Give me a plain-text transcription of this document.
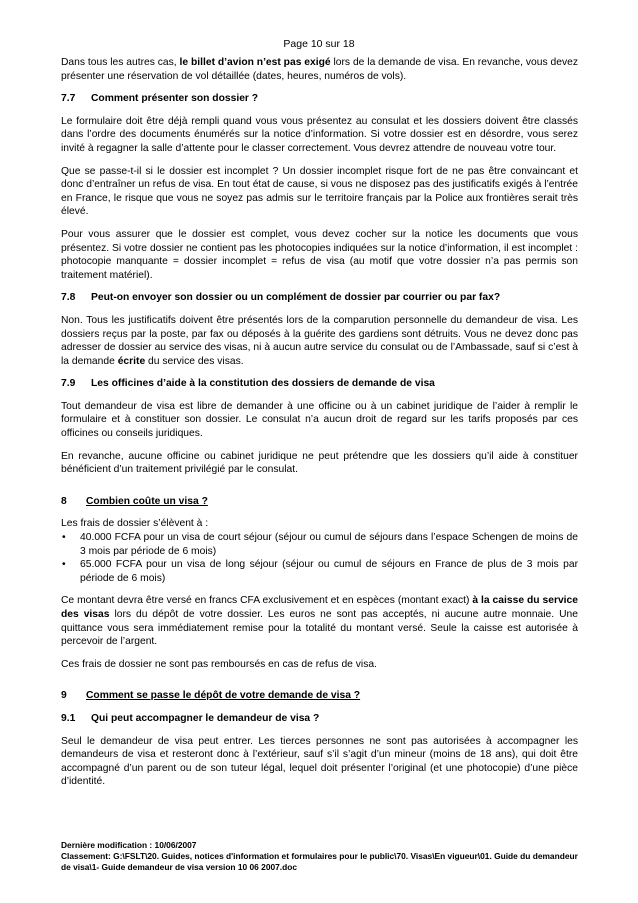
Page 10 sur 18

Dans tous les autres cas, le billet d’avion n’est pas exigé lors de la demande de visa. En revanche, vous devez présenter une réservation de vol détaillée (dates, heures, numéros de vols).

7.7	Comment présenter son dossier ?

Le formulaire doit être déjà rempli quand vous vous présentez au consulat et les dossiers doivent être classés dans l’ordre des documents énumérés sur la notice d’information. Si votre dossier est en désordre, vous serez invité à regagner la salle d’attente pour le classer correctement. Vous devrez attendre de nouveau votre tour.

Que se passe-t-il si le dossier est incomplet ? Un dossier incomplet risque fort de ne pas être convaincant et donc d’entraîner un refus de visa. En tout état de cause, si vous ne disposez pas des justificatifs exigés à l’entrée en France, le risque que vous ne soyez pas admis sur le territoire français par la Police aux frontières serait très élevé.

Pour vous assurer que le dossier est complet, vous devez cocher sur la notice les documents que vous présentez. Si votre dossier ne contient pas les photocopies indiquées sur la notice d’information, il est incomplet : photocopie manquante = dossier incomplet = refus de visa (au motif que votre dossier n’a pas permis son traitement matériel).

7.8	Peut-on envoyer son dossier ou un complément de dossier par courrier ou par fax?

Non. Tous les justificatifs doivent être présentés lors de la comparution personnelle du demandeur de visa. Les dossiers reçus par la poste, par fax ou déposés à la guérite des gardiens sont détruits. Vous ne devez donc pas adresser de dossier au service des visas, ni à aucun autre service du consulat ou de l’Ambassade, sauf si c’est à la demande écrite du service des visas.

7.9	Les officines d’aide à la constitution des dossiers de demande de visa

Tout demandeur de visa est libre de demander à une officine ou à un cabinet juridique de l’aider à remplir le formulaire et à constituer son dossier. Le consulat n’a aucun droit de regard sur les tarifs proposés par ces officines ou conseils juridiques.

En revanche, aucune officine ou cabinet juridique ne peut prétendre que les dossiers qu’il aide à constituer bénéficient d’un traitement privilégié par le consulat.

8	Combien coûte un visa ?

Les frais de dossier s’élèvent à :

• 40.000 FCFA pour un visa de court séjour (séjour ou cumul de séjours dans l’espace Schengen de moins de 3 mois par période de 6 mois)
• 65.000 FCFA pour un visa de long séjour (séjour ou cumul de séjours en France de plus de 3 mois par période de 6 mois)

Ce montant devra être versé en francs CFA exclusivement et en espèces (montant exact) à la caisse du service des visas lors du dépôt de votre dossier. Les euros ne sont pas acceptés, ni aucune autre monnaie. Une quittance vous sera immédiatement remise pour la totalité du montant versé. Seule la caisse est autorisée à percevoir de l’argent.

Ces frais de dossier ne sont pas remboursés en cas de refus de visa.

9	Comment se passe le dépôt de votre demande de visa ?
9.1	Qui peut accompagner le demandeur de visa ?

Seul le demandeur de visa peut entrer. Les tierces personnes ne sont pas autorisées à accompagner les demandeurs de visa et resteront donc à l’extérieur, sauf s’il s’agit d’un mineur (moins de 18 ans), qui doit être accompagné d’un parent ou de son tuteur légal, lequel doit présenter l’original (et une photocopie) d’une pièce d’identité.

Dernière modification : 10/06/2007
Classement: G:\FSLT\20. Guides, notices d'information et formulaires pour le public\70. Visas\En vigueur\01. Guide du demandeur de visa\1- Guide demandeur de visa version 10 06 2007.doc
